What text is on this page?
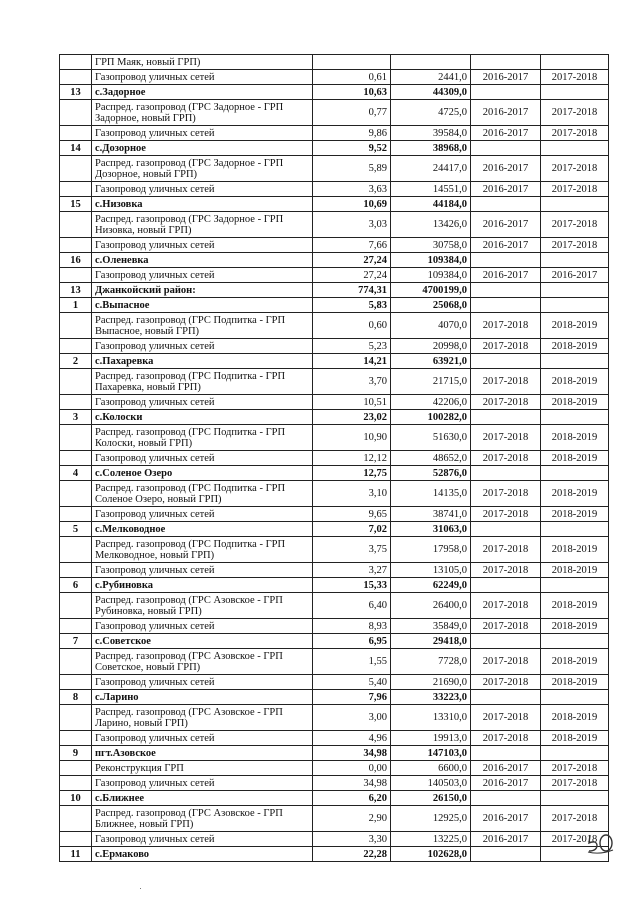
	ГРП Маяк, новый ГРП)				
	Газопровод уличных сетей	0,61	2441,0	2016-2017	2017-2018
13	с.Задорное	10,63	44309,0		
	Распред. газопровод (ГРС Задорное - ГРП Задорное, новый ГРП)	0,77	4725,0	2016-2017	2017-2018
	Газопровод уличных сетей	9,86	39584,0	2016-2017	2017-2018
14	с.Дозорное	9,52	38968,0		
	Распред. газопровод (ГРС Задорное - ГРП Дозорное, новый ГРП)	5,89	24417,0	2016-2017	2017-2018
	Газопровод уличных сетей	3,63	14551,0	2016-2017	2017-2018
15	с.Низовка	10,69	44184,0		
	Распред. газопровод (ГРС Задорное - ГРП Низовка, новый ГРП)	3,03	13426,0	2016-2017	2017-2018
	Газопровод уличных сетей	7,66	30758,0	2016-2017	2017-2018
16	с.Оленевка	27,24	109384,0		
	Газопровод уличных сетей	27,24	109384,0	2016-2017	2016-2017
13	Джанкойский район:	774,31	4700199,0		
1	с.Выпасное	5,83	25068,0		
	Распред. газопровод (ГРС Подпитка - ГРП Выпасное, новый ГРП)	0,60	4070,0	2017-2018	2018-2019
	Газопровод уличных сетей	5,23	20998,0	2017-2018	2018-2019
2	с.Пахаревка	14,21	63921,0		
	Распред. газопровод (ГРС Подпитка - ГРП Пахаревка, новый ГРП)	3,70	21715,0	2017-2018	2018-2019
	Газопровод уличных сетей	10,51	42206,0	2017-2018	2018-2019
3	с.Колоски	23,02	100282,0		
	Распред. газопровод (ГРС Подпитка - ГРП Колоски, новый ГРП)	10,90	51630,0	2017-2018	2018-2019
	Газопровод уличных сетей	12,12	48652,0	2017-2018	2018-2019
4	с.Соленое Озеро	12,75	52876,0		
	Распред. газопровод (ГРС Подпитка - ГРП Соленое Озеро, новый ГРП)	3,10	14135,0	2017-2018	2018-2019
	Газопровод уличных сетей	9,65	38741,0	2017-2018	2018-2019
5	с.Мелководное	7,02	31063,0		
	Распред. газопровод (ГРС Подпитка - ГРП Мелководное, новый ГРП)	3,75	17958,0	2017-2018	2018-2019
	Газопровод уличных сетей	3,27	13105,0	2017-2018	2018-2019
6	с.Рубиновка	15,33	62249,0		
	Распред. газопровод (ГРС Азовское - ГРП Рубиновка, новый ГРП)	6,40	26400,0	2017-2018	2018-2019
	Газопровод уличных сетей	8,93	35849,0	2017-2018	2018-2019
7	с.Советское	6,95	29418,0		
	Распред. газопровод (ГРС Азовское - ГРП Советское, новый ГРП)	1,55	7728,0	2017-2018	2018-2019
	Газопровод уличных сетей	5,40	21690,0	2017-2018	2018-2019
8	с.Ларино	7,96	33223,0		
	Распред. газопровод (ГРС Азовское - ГРП Ларино, новый ГРП)	3,00	13310,0	2017-2018	2018-2019
	Газопровод уличных сетей	4,96	19913,0	2017-2018	2018-2019
9	пгт.Азовское	34,98	147103,0		
	Реконструкция ГРП	0,00	6600,0	2016-2017	2017-2018
	Газопровод уличных сетей	34,98	140503,0	2016-2017	2017-2018
10	с.Ближнее	6,20	26150,0		
	Распред. газопровод (ГРС Азовское - ГРП Ближнее, новый ГРП)	2,90	12925,0	2016-2017	2017-2018
	Газопровод уличных сетей	3,30	13225,0	2016-2017	2017-2018
11	с.Ермаково	22,28	102628,0		
